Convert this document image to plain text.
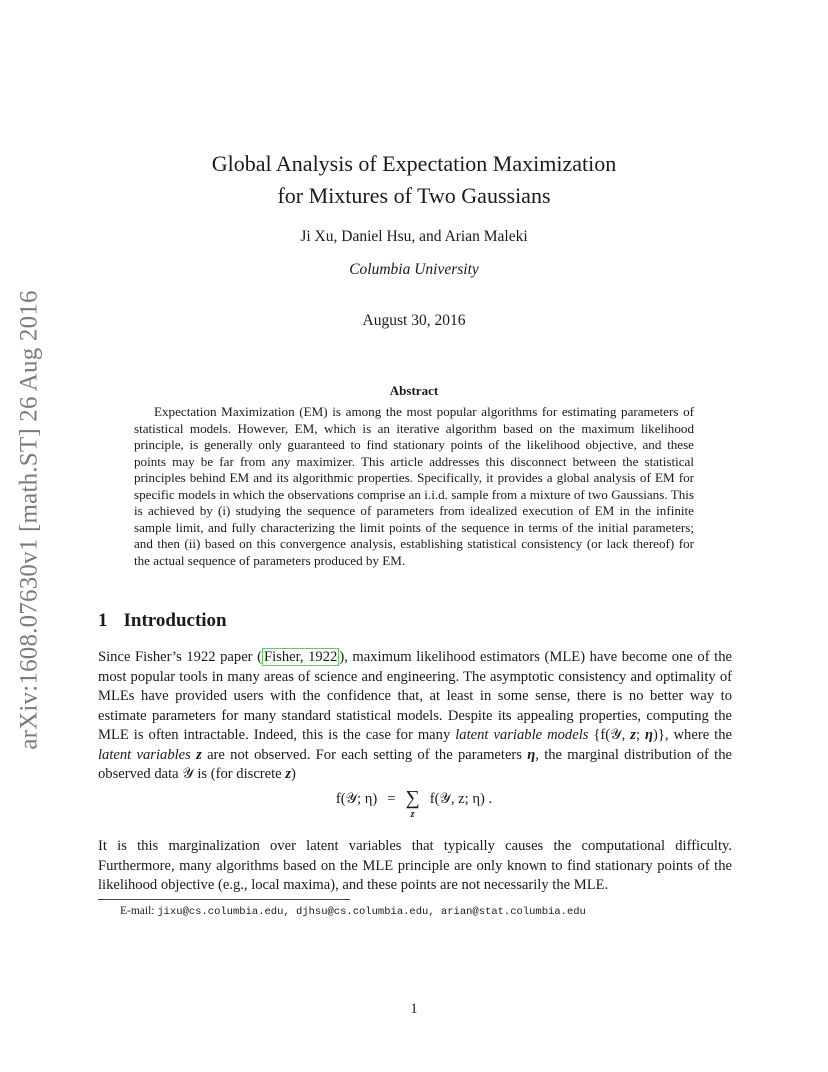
arXiv:1608.07630v1 [math.ST] 26 Aug 2016
Global Analysis of Expectation Maximization
for Mixtures of Two Gaussians
Ji Xu, Daniel Hsu, and Arian Maleki
Columbia University
August 30, 2016
Abstract

Expectation Maximization (EM) is among the most popular algorithms for estimating parameters of statistical models. However, EM, which is an iterative algorithm based on the maximum likelihood principle, is generally only guaranteed to find stationary points of the likelihood objective, and these points may be far from any maximizer. This article addresses this disconnect between the statistical principles behind EM and its algorithmic properties. Specifically, it provides a global analysis of EM for specific models in which the observations comprise an i.i.d. sample from a mixture of two Gaussians. This is achieved by (i) studying the sequence of parameters from idealized execution of EM in the infinite sample limit, and fully characterizing the limit points of the sequence in terms of the initial parameters; and then (ii) based on this convergence analysis, establishing statistical consistency (or lack thereof) for the actual sequence of parameters produced by EM.

1 Introduction

Since Fisher’s 1922 paper ( Fisher, 1922 ), maximum likelihood estimators (MLE) have become one of the most popular tools in many areas of science and engineering. The asymptotic consistency and optimality of MLEs have provided users with the confidence that, at least in some sense, there is no better way to estimate parameters for many standard statistical models. Despite its appealing properties, computing the MLE is often intractable. Indeed, this is the case for many latent variable models {f(𝒴, z; η)}, where the latent variables z are not observed. For each setting of the parameters η, the marginal distribution of the observed data 𝒴 is (for discrete z)

f(𝒴; η) = ∑
z
f(𝒴, z; η) .

It is this marginalization over latent variables that typically causes the computational difficulty. Furthermore, many algorithms based on the MLE principle are only known to find stationary points of the likelihood objective (e.g., local maxima), and these points are not necessarily the MLE.

E-mail: jixu@cs.columbia.edu, djhsu@cs.columbia.edu, arian@stat.columbia.edu
1
